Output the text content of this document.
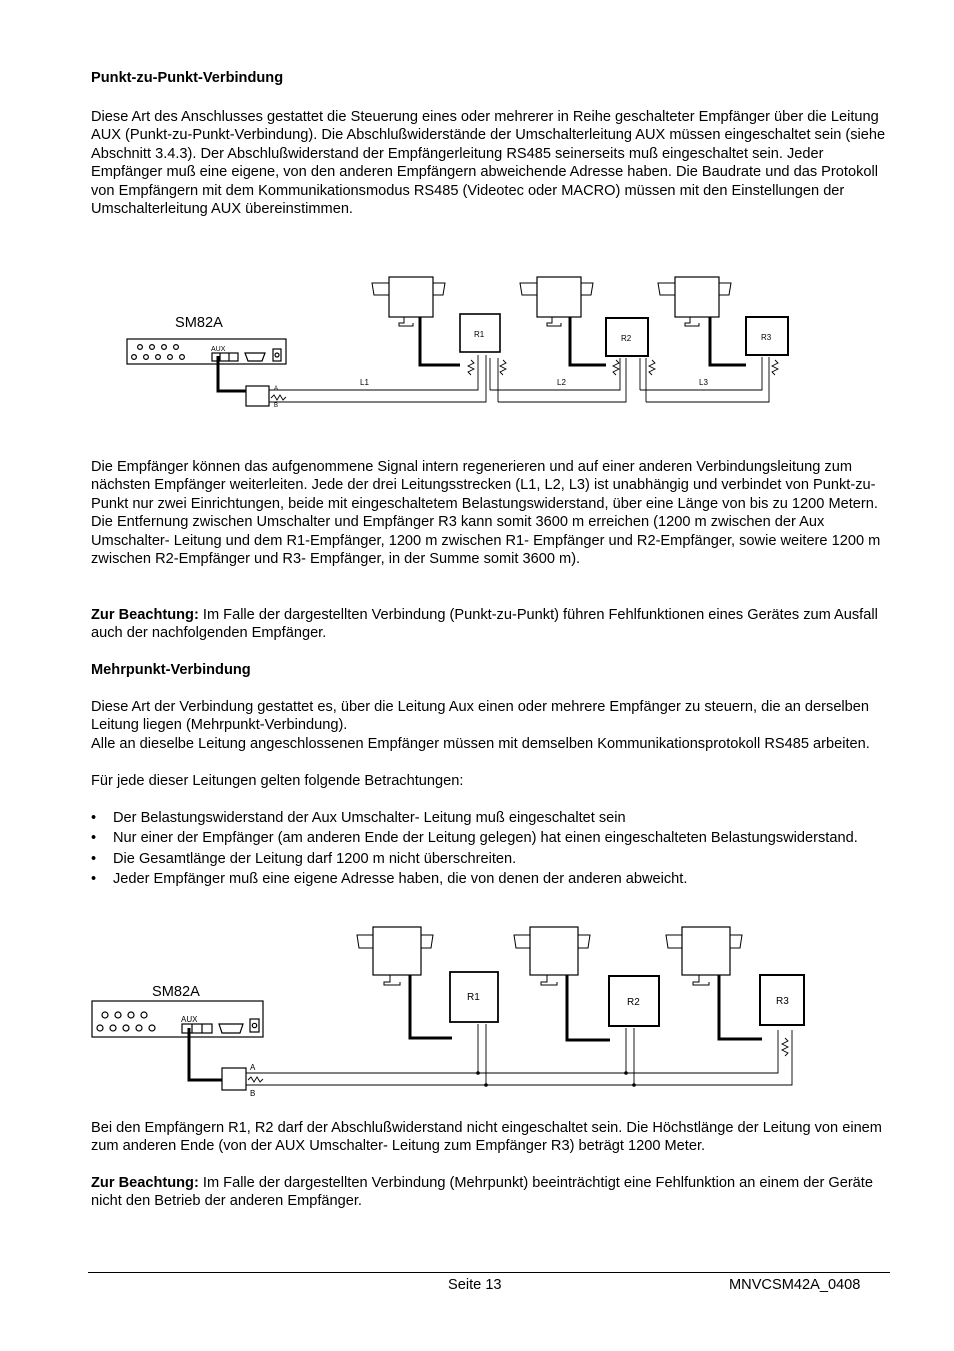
Punkt-zu-Punkt-Verbindung

Diese Art des Anschlusses gestattet die Steuerung eines oder mehrerer in Reihe geschalteter Empfänger über die Leitung AUX (Punkt-zu-Punkt-Verbindung). Die Abschlußwiderstände der Umschalterleitung AUX müssen eingeschaltet sein (siehe Abschnitt 3.4.3). Der Abschlußwiderstand der Empfängerleitung RS485 seinerseits muß eingeschaltet sein. Jeder Empfänger muß eine eigene, von den anderen Empfängern abweichende Adresse haben. Die Baudrate und das Protokoll von Empfängern mit dem Kommunikationsmodus RS485 (Videotec oder MACRO) müssen mit den Einstellungen der Umschalterleitung AUX übereinstimmen.

AUX
SM82A
A
B
L1	L2	L3
R1	R2	R3

Die Empfänger können das aufgenommene Signal intern regenerieren und auf einer anderen Verbindungsleitung zum nächsten Empfänger weiterleiten. Jede der drei Leitungsstrecken (L1, L2, L3) ist unabhängig und verbindet von Punkt-zu-Punkt nur zwei Einrichtungen, beide mit eingeschaltetem Belastungswiderstand, über eine Länge von bis zu 1200 Metern. Die Entfernung zwischen Umschalter und Empfänger R3 kann somit 3600 m erreichen (1200 m zwischen der Aux Umschalter- Leitung und dem R1-Empfänger, 1200 m zwischen R1- Empfänger und R2-Empfänger, sowie weitere 1200 m zwischen R2-Empfänger und R3- Empfänger, in der Summe somit 3600 m).

Zur Beachtung: Im Falle der dargestellten Verbindung (Punkt-zu-Punkt) führen Fehlfunktionen eines Gerätes zum Ausfall auch der nachfolgenden Empfänger.

Mehrpunkt-Verbindung

Diese Art der Verbindung gestattet es, über die Leitung Aux einen oder mehrere Empfänger zu steuern, die an derselben Leitung liegen (Mehrpunkt-Verbindung).

Alle an dieselbe Leitung angeschlossenen Empfänger müssen mit demselben Kommunikationsprotokoll RS485 arbeiten.

Für jede dieser Leitungen gelten folgende Betrachtungen:

• Der Belastungswiderstand der Aux Umschalter- Leitung muß eingeschaltet sein
• Nur einer der Empfänger (am anderen Ende der Leitung gelegen) hat einen eingeschalteten Belastungswiderstand.
• Die Gesamtlänge der Leitung darf 1200 m nicht überschreiten.
• Jeder Empfänger muß eine eigene Adresse haben, die von denen der anderen abweicht.
AUX
SM82A
A
B
R1	R2	R3

Bei den Empfängern R1, R2 darf der Abschlußwiderstand nicht eingeschaltet sein. Die Höchstlänge der Leitung von einem zum anderen Ende (von der AUX Umschalter- Leitung zum Empfänger R3) beträgt 1200 Meter.

Zur Beachtung: Im Falle der dargestellten Verbindung (Mehrpunkt) beeinträchtigt eine Fehlfunktion an einem der Geräte nicht den Betrieb der anderen Empfänger.

Seite 13	MNVCSM42A_0408
